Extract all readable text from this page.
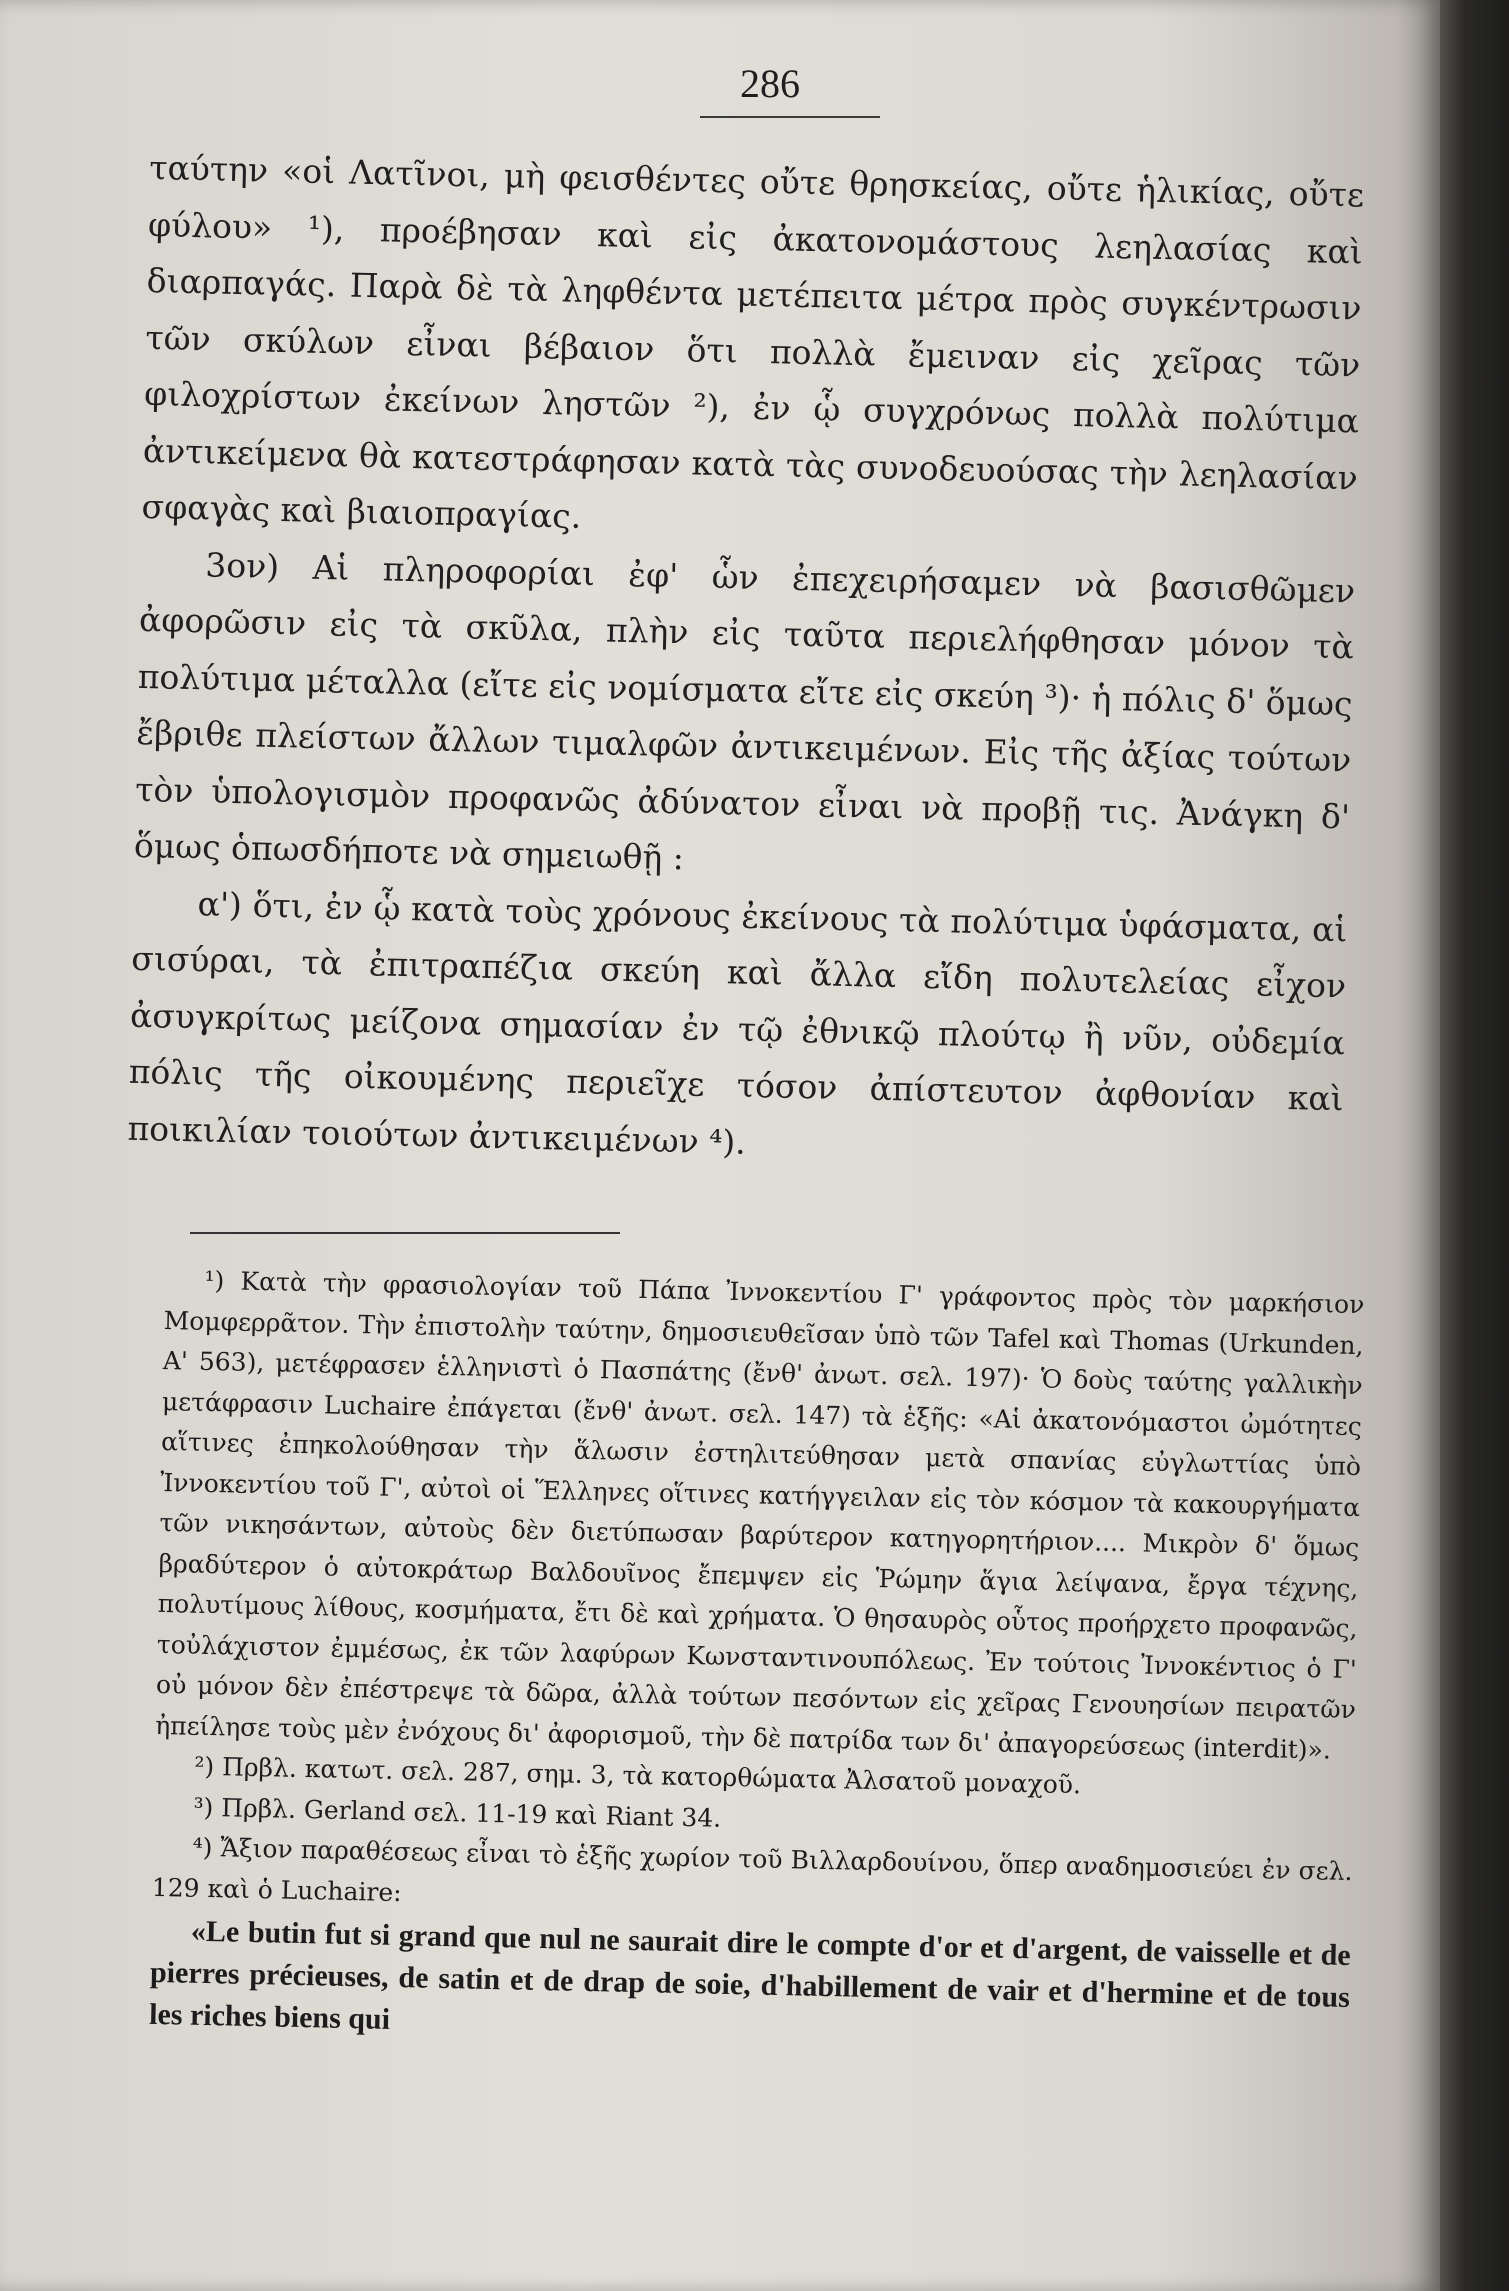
286

ταύτην «οἱ Λατῖνοι, μὴ φεισθέντες οὔτε θρησκείας, οὔτε ἡλικίας, οὔτε φύλου» ¹), προέβησαν καὶ εἰς ἀκατονομάστους λεηλασίας καὶ διαρπαγάς. Παρὰ δὲ τὰ ληφθέντα μετέπειτα μέτρα πρὸς συγκέντρωσιν τῶν σκύλων εἶναι βέβαιον ὅτι πολλὰ ἔμειναν εἰς χεῖρας τῶν φιλοχρίστων ἐκείνων ληστῶν ²), ἐν ᾧ συγχρόνως πολλὰ πολύτιμα ἀντικείμενα θὰ κατεστράφησαν κατὰ τὰς συνοδευούσας τὴν λεηλασίαν σφαγὰς καὶ βιαιοπραγίας.

3ον) Αἱ πληροφορίαι ἐφ' ὧν ἐπεχειρήσαμεν νὰ βασισθῶμεν ἀφορῶσιν εἰς τὰ σκῦλα, πλὴν εἰς ταῦτα περιελήφθησαν μόνον τὰ πολύτιμα μέταλλα (εἴτε εἰς νομίσματα εἴτε εἰς σκεύη ³)· ἡ πόλις δ' ὅμως ἔβριθε πλείστων ἄλλων τιμαλφῶν ἀντικειμένων. Εἰς τῆς ἀξίας τούτων τὸν ὑπολογισμὸν προφανῶς ἀδύνατον εἶναι νὰ προβῇ τις. Ἀνάγκη δ' ὅμως ὁπωσδήποτε νὰ σημειωθῇ :

α') ὅτι, ἐν ᾧ κατὰ τοὺς χρόνους ἐκείνους τὰ πολύτιμα ὑφάσματα, αἱ σισύραι, τὰ ἐπιτραπέζια σκεύη καὶ ἄλλα εἴδη πολυτελείας εἶχον ἀσυγκρίτως μείζονα σημασίαν ἐν τῷ ἐθνικῷ πλούτῳ ἢ νῦν, οὐδεμία πόλις τῆς οἰκουμένης περιεῖχε τόσον ἀπίστευτον ἀφθονίαν καὶ ποικιλίαν τοιούτων ἀντικειμένων ⁴).

¹) Κατὰ τὴν φρασιολογίαν τοῦ Πάπα Ἰννοκεντίου Γ' γράφοντος πρὸς τὸν μαρκήσιον Μομφερρᾶτον. Τὴν ἐπιστολὴν ταύτην, δημοσιευθεῖσαν ὑπὸ τῶν Tafel καὶ Thomas (Urkunden, Α' 563), μετέφρασεν ἑλληνιστὶ ὁ Πασπάτης (ἔνθ' ἀνωτ. σελ. 197)· Ὁ δοὺς ταύτης γαλλικὴν μετάφρασιν Luchaire ἐπάγεται (ἔνθ' ἀνωτ. σελ. 147) τὰ ἑξῆς: «Αἱ ἀκατονόμαστοι ὠμότητες αἵτινες ἐπηκολούθησαν τὴν ἅλωσιν ἐστηλιτεύθησαν μετὰ σπανίας εὐγλωττίας ὑπὸ Ἰννοκεντίου τοῦ Γ', αὐτοὶ οἱ Ἕλληνες οἵτινες κατήγγειλαν εἰς τὸν κόσμον τὰ κακουργήματα τῶν νικησάντων, αὐτοὺς δὲν διετύπωσαν βαρύτερον κατηγορητήριον.... Μικρὸν δ' ὅμως βραδύτερον ὁ αὐτοκράτωρ Βαλδουῖνος ἔπεμψεν εἰς Ῥώμην ἅγια λείψανα, ἔργα τέχνης, πολυτίμους λίθους, κοσμήματα, ἔτι δὲ καὶ χρήματα. Ὁ θησαυρὸς οὗτος προήρχετο προφανῶς, τοὐλάχιστον ἐμμέσως, ἐκ τῶν λαφύρων Κωνσταντινουπόλεως. Ἐν τούτοις Ἰννοκέντιος ὁ Γ' οὐ μόνον δὲν ἐπέστρεψε τὰ δῶρα, ἀλλὰ τούτων πεσόντων εἰς χεῖρας Γενουησίων πειρατῶν ἠπείλησε τοὺς μὲν ἐνόχους δι' ἀφορισμοῦ, τὴν δὲ πατρίδα των δι' ἀπαγορεύσεως (interdit)».

²) Πρβλ. κατωτ. σελ. 287, σημ. 3, τὰ κατορθώματα Ἀλσατοῦ μοναχοῦ.

³) Πρβλ. Gerland σελ. 11-19 καὶ Riant 34.

⁴) Ἄξιον παραθέσεως εἶναι τὸ ἑξῆς χωρίον τοῦ Βιλλαρδουίνου, ὅπερ αναδημοσιεύει ἐν σελ. 129 καὶ ὁ Luchaire:

«Le butin fut si grand que nul ne saurait dire le compte d'or et d'argent, de vaisselle et de pierres précieuses, de satin et de drap de soie, d'habillement de vair et d'hermine et de tous les riches biens qui
